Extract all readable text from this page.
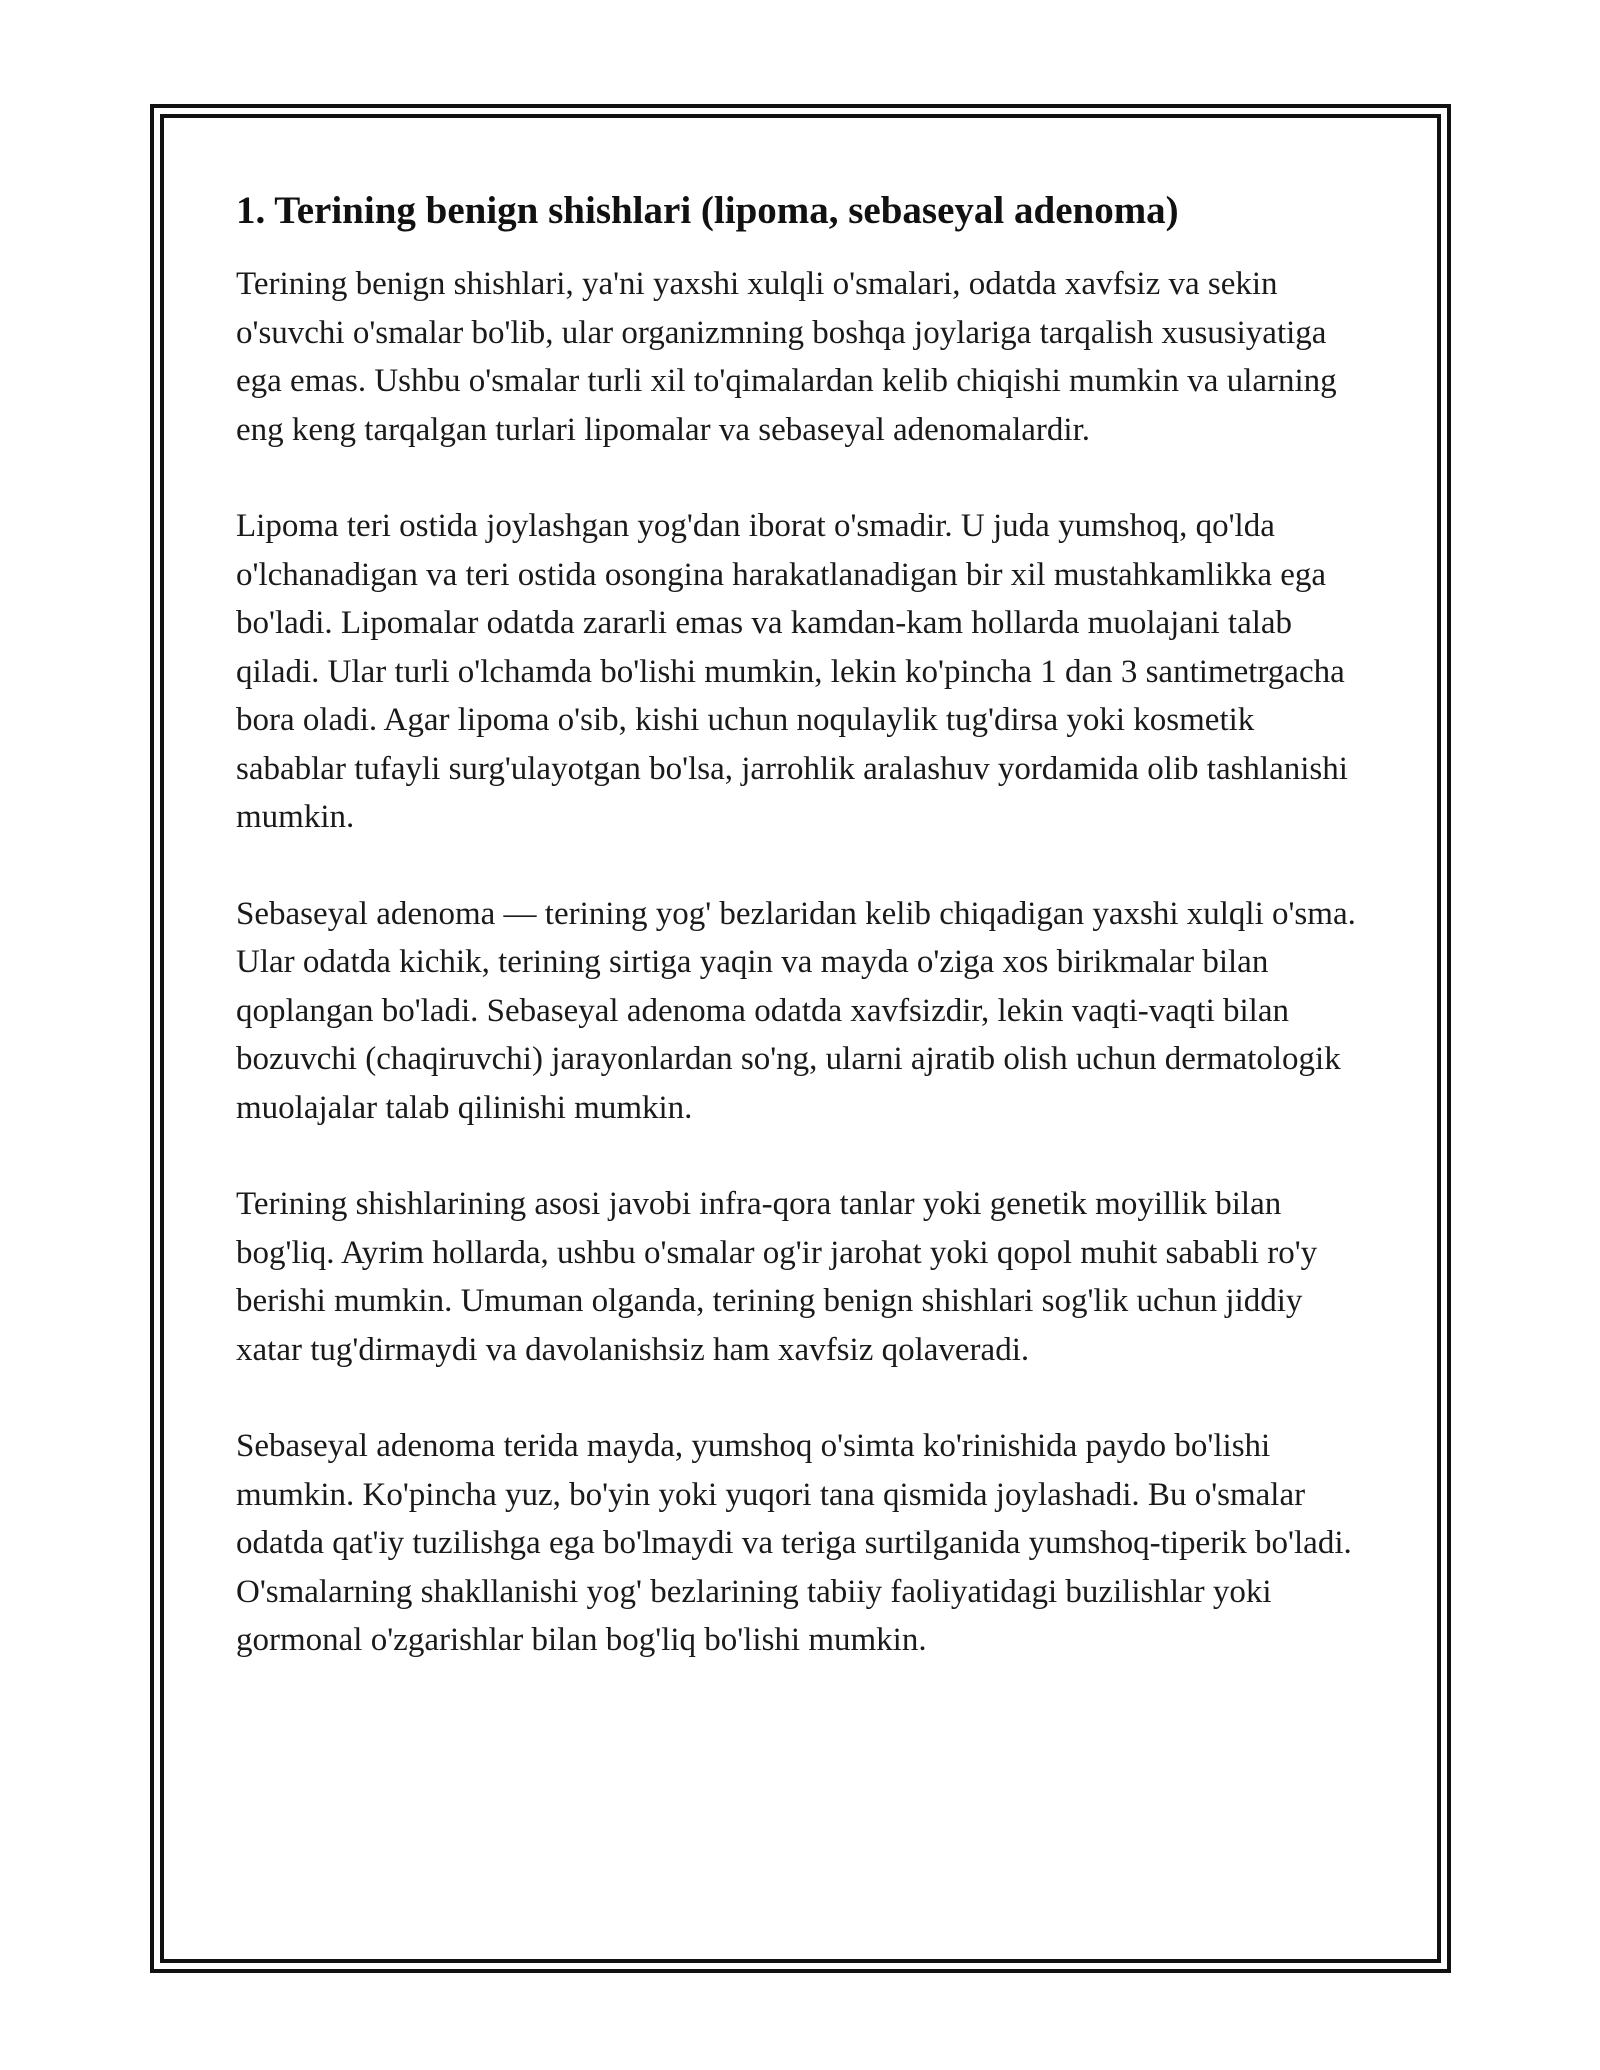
1. Terining benign shishlari (lipoma, sebaseyal adenoma)

Terining benign shishlari, ya'ni yaxshi xulqli o'smalari, odatda xavfsiz va sekin o'suvchi o'smalar bo'lib, ular organizmning boshqa joylariga tarqalish xususiyatiga ega emas. Ushbu o'smalar turli xil to'qimalardan kelib chiqishi mumkin va ularning eng keng tarqalgan turlari lipomalar va sebaseyal adenomalardir.

Lipoma teri ostida joylashgan yog'dan iborat o'smadir. U juda yumshoq, qo'lda o'lchanadigan va teri ostida osongina harakatlanadigan bir xil mustahkamlikka ega bo'ladi. Lipomalar odatda zararli emas va kamdan-kam hollarda muolajani talab qiladi. Ular turli o'lchamda bo'lishi mumkin, lekin ko'pincha 1 dan 3 santimetrgacha bora oladi. Agar lipoma o'sib, kishi uchun noqulaylik tug'dirsa yoki kosmetik sabablar tufayli surg'ulayotgan bo'lsa, jarrohlik aralashuv yordamida olib tashlanishi mumkin.

Sebaseyal adenoma — terining yog' bezlaridan kelib chiqadigan yaxshi xulqli o'sma. Ular odatda kichik, terining sirtiga yaqin va mayda o'ziga xos birikmalar bilan qoplangan bo'ladi. Sebaseyal adenoma odatda xavfsizdir, lekin vaqti-vaqti bilan bozuvchi (chaqiruvchi) jarayonlardan so'ng, ularni ajratib olish uchun dermatologik muolajalar talab qilinishi mumkin.

Terining shishlarining asosi javobi infra-qora tanlar yoki genetik moyillik bilan bog'liq. Ayrim hollarda, ushbu o'smalar og'ir jarohat yoki qopol muhit sababli ro'y berishi mumkin. Umuman olganda, terining benign shishlari sog'lik uchun jiddiy xatar tug'dirmaydi va davolanishsiz ham xavfsiz qolaveradi.

Sebaseyal adenoma terida mayda, yumshoq o'simta ko'rinishida paydo bo'lishi mumkin. Ko'pincha yuz, bo'yin yoki yuqori tana qismida joylashadi. Bu o'smalar odatda qat'iy tuzilishga ega bo'lmaydi va teriga surtilganida yumshoq-tiperik bo'ladi. O'smalarning shakllanishi yog' bezlarining tabiiy faoliyatidagi buzilishlar yoki gormonal o'zgarishlar bilan bog'liq bo'lishi mumkin.
